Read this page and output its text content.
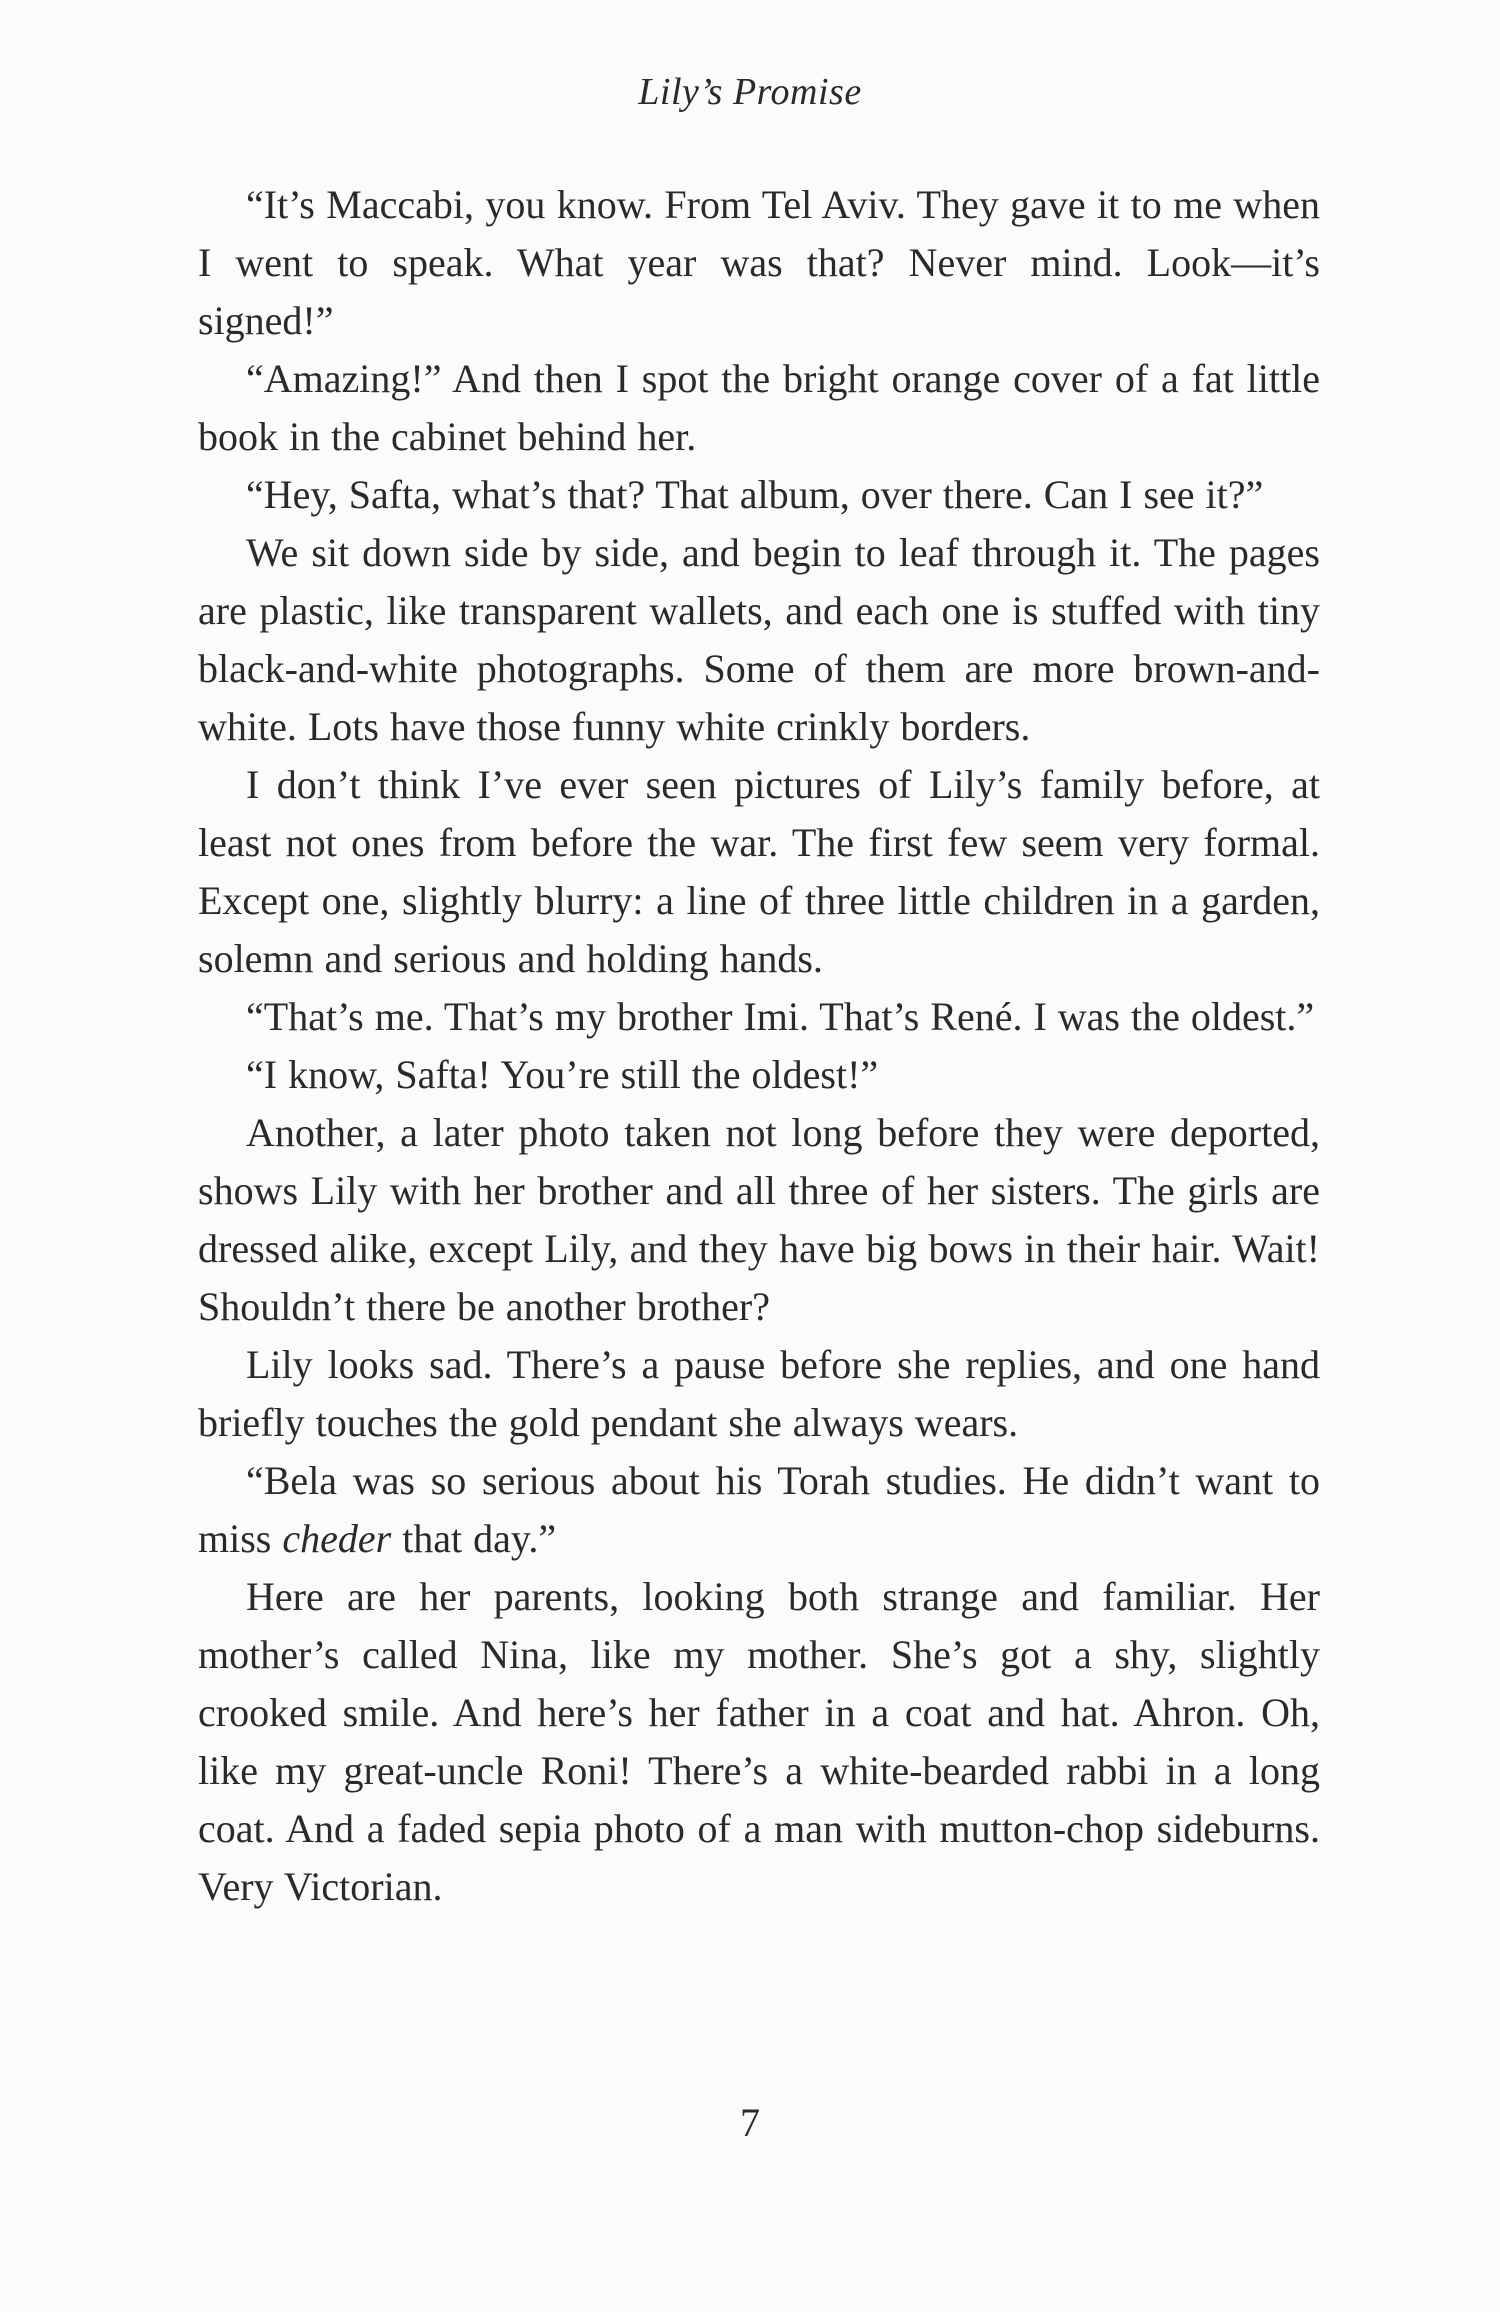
Lily’s Promise

“It’s Maccabi, you know. From Tel Aviv. They gave it to me when I went to speak. What year was that? Never mind. Look—it’s signed!”

“Amazing!” And then I spot the bright orange cover of a fat little book in the cabinet behind her.

“Hey, Safta, what’s that? That album, over there. Can I see it?”

We sit down side by side, and begin to leaf through it. The pages are plastic, like transparent wallets, and each one is stuffed with tiny black-and-white photographs. Some of them are more brown-and-white. Lots have those funny white crinkly borders.

I don’t think I’ve ever seen pictures of Lily’s family before, at least not ones from before the war. The first few seem very formal. Except one, slightly blurry: a line of three little children in a garden, solemn and serious and holding hands.

“That’s me. That’s my brother Imi. That’s René. I was the oldest.”

“I know, Safta! You’re still the oldest!”

Another, a later photo taken not long before they were deported, shows Lily with her brother and all three of her sisters. The girls are dressed alike, except Lily, and they have big bows in their hair. Wait! Shouldn’t there be another brother?

Lily looks sad. There’s a pause before she replies, and one hand briefly touches the gold pendant she always wears.

“Bela was so serious about his Torah studies. He didn’t want to miss cheder that day.”

Here are her parents, looking both strange and familiar. Her mother’s called Nina, like my mother. She’s got a shy, slightly crooked smile. And here’s her father in a coat and hat. Ahron. Oh, like my great-uncle Roni! There’s a white-bearded rabbi in a long coat. And a faded sepia photo of a man with mutton-chop sideburns. Very Victorian.

7
